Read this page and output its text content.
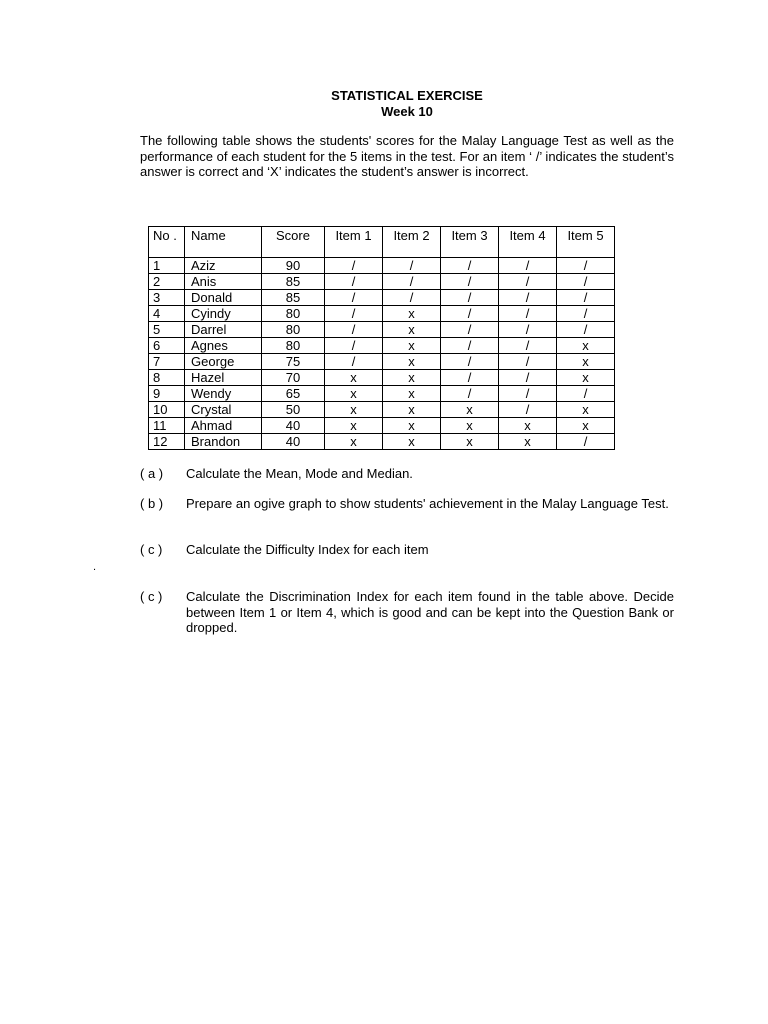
STATISTICAL EXERCISE
Week 10
The following table shows the students' scores for the Malay Language Test as well as the performance of each student for the 5 items in the test. For an item ‘ /’ indicates the student’s answer is correct and ‘X’ indicates the student’s answer is incorrect.
No .	Name	Score	Item 1	Item 2	Item 3	Item 4	Item 5
1	Aziz	90	/	/	/	/	/
2	Anis	85	/	/	/	/	/
3	Donald	85	/	/	/	/	/
4	Cyindy	80	/	x	/	/	/
5	Darrel	80	/	x	/	/	/
6	Agnes	80	/	x	/	/	x
7	George	75	/	x	/	/	x
8	Hazel	70	x	x	/	/	x
9	Wendy	65	x	x	/	/	/
10	Crystal	50	x	x	x	/	x
11	Ahmad	40	x	x	x	x	x
12	Brandon	40	x	x	x	x	/
( a )	Calculate the Mean, Mode and Median.
( b )	Prepare an ogive graph to show students' achievement in the Malay Language Test.
( c )	Calculate the Difficulty Index for each item
.
( c )	Calculate the Discrimination Index for each item found in the table above. Decide between Item 1 or Item 4, which is good and can be kept into the Question Bank or dropped.
